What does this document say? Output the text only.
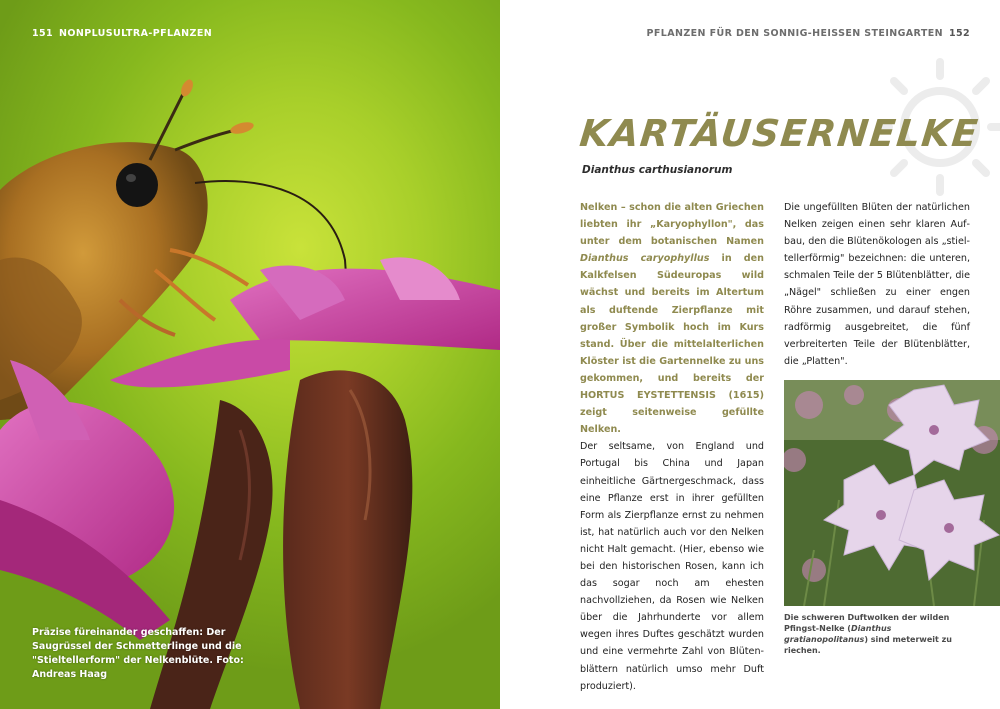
151 NONPLUSULTRA-PFLANZEN
Präzise füreinander geschaffen: Der Saugrüssel der Schmetterlinge und die "Stieltellerform" der Nelkenblüte. Foto: Andreas Haag
PFLANZEN FÜR DEN SONNIG-HEISSEN STEINGARTEN 152
KARTÄUSERNELKE
Dianthus carthusianorum
Nelken – schon die alten Griechen liebten ihr „Karyophyllon", das unter dem botanischen Namen Dianthus caryophyllus in den Kalkfelsen Südeuropas wild wächst und bereits im Altertum als duftende Zierpflanze mit großer Symbolik hoch im Kurs stand. Über die mittelalterlichen Klöster ist die Gartennelke zu uns gekommen, und bereits der HORTUS EYSTETTENSIS (1615) zeigt seitenweise gefüllte Nelken.
Der seltsame, von England und Portugal bis China und Japan einheitliche Gärtnergeschmack, dass eine Pflanze erst in ihrer gefüllten Form als Zierpflanze ernst zu nehmen ist, hat natürlich auch vor den Nelken nicht Halt gemacht. (Hier, ebenso wie bei den historischen Rosen, kann ich das sogar noch am ehesten nachvollziehen, da Rosen wie Nelken über die Jahrhunderte vor allem wegen ihres Duftes geschätzt wurden und eine vermehrte Zahl von Blütenblättern natürlich umso mehr Duft produziert).
Die ungefüllten Blüten der natürlichen Nelken zeigen einen sehr klaren Aufbau, den die Blütenökologen als „stieltellerförmig" bezeichnen: die unteren, schmalen Teile der 5 Blütenblätter, die „Nägel" schließen zu einer engen Röhre zusammen, und darauf stehen, radförmig ausgebreitet, die fünf verbreiterten Teile der Blütenblätter, die „Platten".
Die schweren Duftwolken der wilden Pfingst-Nelke (Dianthus gratianopolitanus) sind meterweit zu riechen.
